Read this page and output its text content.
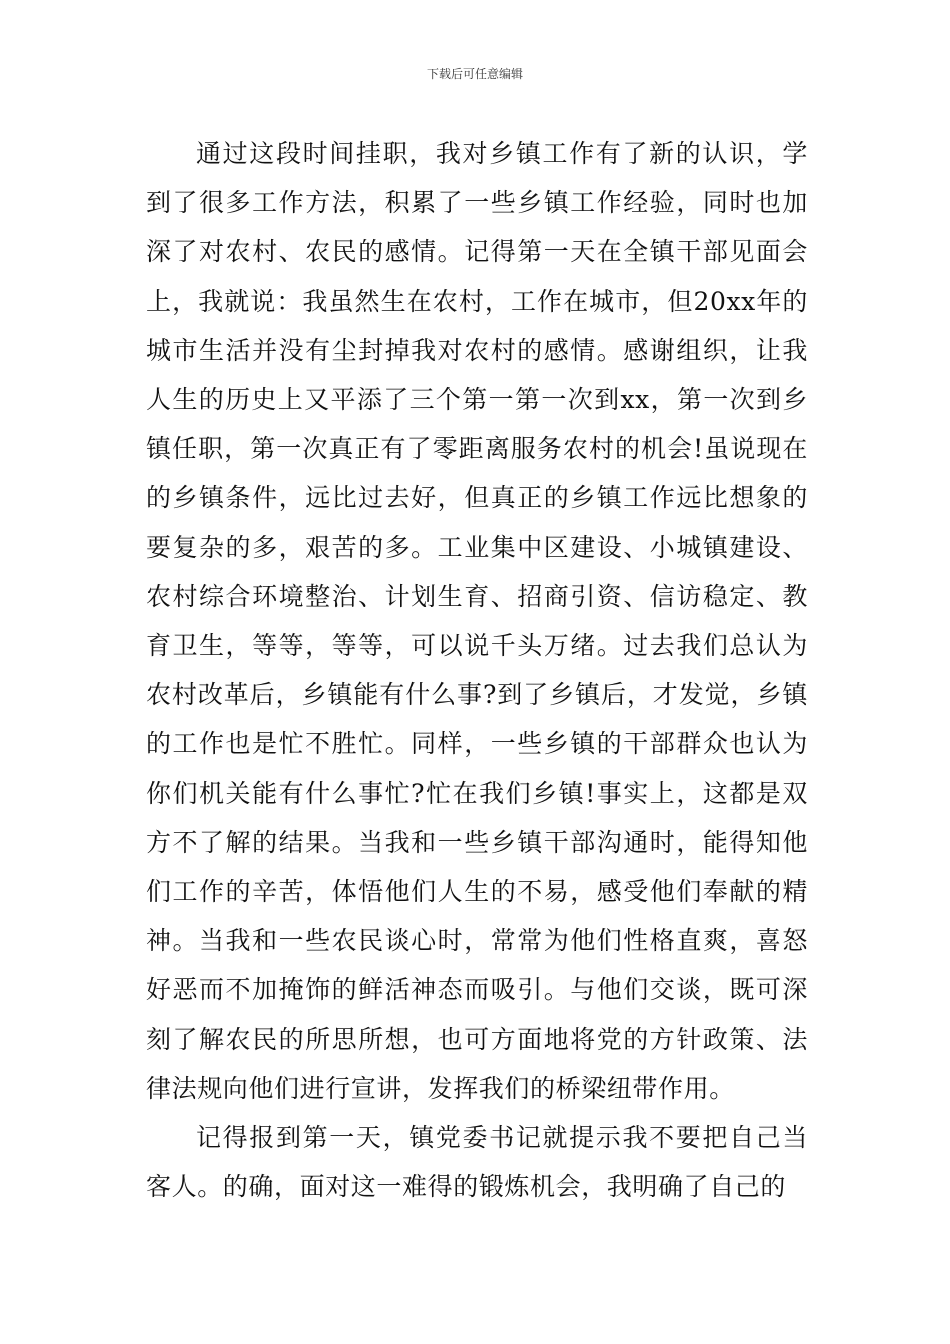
下载后可任意编辑

通过这段时间挂职，我对乡镇工作有了新的认识，学到了很多工作方法，积累了一些乡镇工作经验，同时也加深了对农村、农民的感情。记得第一天在全镇干部见面会上，我就说：我虽然生在农村，工作在城市，但20xx年的城市生活并没有尘封掉我对农村的感情。感谢组织，让我人生的历史上又平添了三个第一第一次到xx，第一次到乡镇任职，第一次真正有了零距离服务农村的机会!虽说现在的乡镇条件，远比过去好，但真正的乡镇工作远比想象的要复杂的多，艰苦的多。工业集中区建设、小城镇建设、农村综合环境整治、计划生育、招商引资、信访稳定、教育卫生，等等，等等，可以说千头万绪。过去我们总认为农村改革后，乡镇能有什么事?到了乡镇后，才发觉，乡镇的工作也是忙不胜忙。同样，一些乡镇的干部群众也认为你们机关能有什么事忙?忙在我们乡镇!事实上，这都是双方不了解的结果。当我和一些乡镇干部沟通时，能得知他们工作的辛苦，体悟他们人生的不易，感受他们奉献的精神。当我和一些农民谈心时，常常为他们性格直爽，喜怒好恶而不加掩饰的鲜活神态而吸引。与他们交谈，既可深刻了解农民的所思所想，也可方面地将党的方针政策、法律法规向他们进行宣讲，发挥我们的桥梁纽带作用。

记得报到第一天，镇党委书记就提示我不要把自己当客人。的确，面对这一难得的锻炼机会，我明确了自己的
